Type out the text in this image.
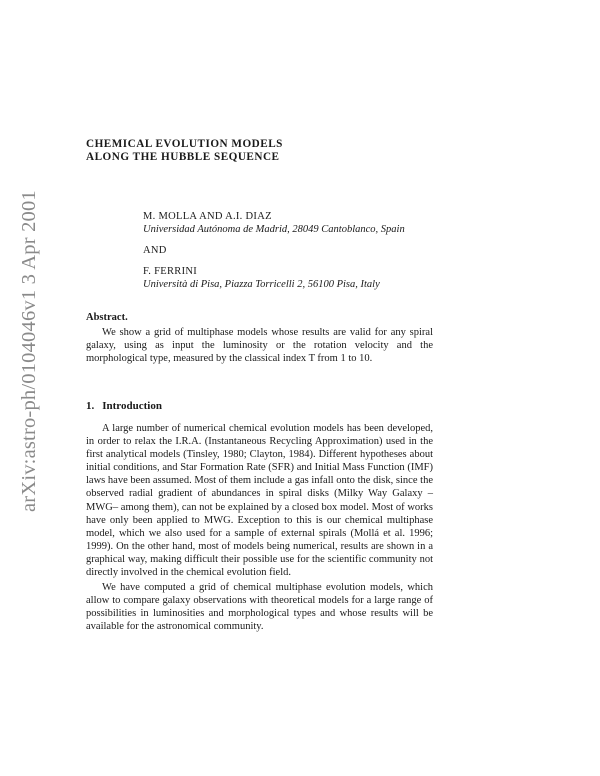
arXiv:astro-ph/0104046v1 3 Apr 2001
CHEMICAL EVOLUTION MODELS
ALONG THE HUBBLE SEQUENCE
M. MOLLA AND A.I. DIAZ
Universidad Autónoma de Madrid, 28049 Cantoblanco, Spain
AND
F. FERRINI
Università di Pisa, Piazza Torricelli 2, 56100 Pisa, Italy
Abstract.
We show a grid of multiphase models whose results are valid for any spiral galaxy, using as input the luminosity or the rotation velocity and the morphological type, measured by the classical index T from 1 to 10.
1. Introduction

A large number of numerical chemical evolution models has been developed, in order to relax the I.R.A. (Instantaneous Recycling Approximation) used in the first analytical models (Tinsley, 1980; Clayton, 1984). Different hypotheses about initial conditions, and Star Formation Rate (SFR) and Initial Mass Function (IMF) laws have been assumed. Most of them include a gas infall onto the disk, since the observed radial gradient of abundances in spiral disks (Milky Way Galaxy –MWG– among them), can not be explained by a closed box model. Most of works have only been applied to MWG. Exception to this is our chemical multiphase model, which we also used for a sample of external spirals (Mollá et al. 1996; 1999). On the other hand, most of models being numerical, results are shown in a graphical way, making difficult their possible use for the scientific community not directly involved in the chemical evolution field.

We have computed a grid of chemical multiphase evolution models, which allow to compare galaxy observations with theoretical models for a large range of possibilities in luminosities and morphological types and whose results will be available for the astronomical community.
